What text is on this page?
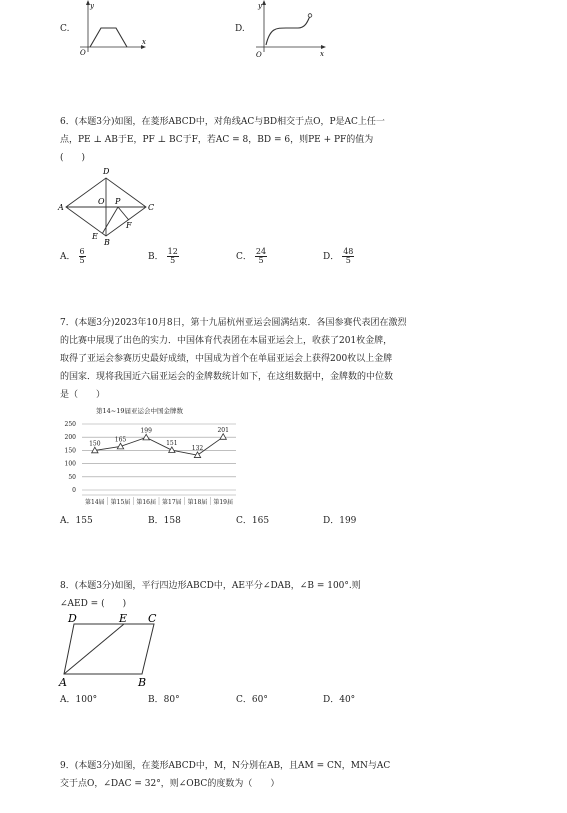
C.
y
x
O
D.
y
x
O
6．(本题3分)如图，在菱形ABCD中，对角线AC与BD相交于点O，P是AC上任一
点，PE ⊥ AB于E，PF ⊥ BC于F，若AC = 8，BD = 6，则PE + PF的值为
(　　)
D
A	C
B
O P
E
F
A． $\frac{6}{5}$	B． $\frac{12}{5}$	C． $\frac{24}{5}$	D． $\frac{48}{5}$
7．(本题3分)2023年10月8日，第十九届杭州亚运会圆满结束．各国参赛代表团在激烈
的比赛中展现了出色的实力．中国体育代表团在本届亚运会上，收获了201枚金牌，
取得了亚运会参赛历史最好成绩，中国成为首个在单届亚运会上获得200枚以上金牌
的国家．现将我国近六届亚运会的金牌数统计如下，在这组数据中，金牌数的中位数
是（　　）
第14~19届亚运会中国金牌数
0
50
100
150
200
250
150
165
199
151
132
201
第14届 第15届 第16届 第17届 第18届 第19届
A．155	B．158	C．165	D．199
8．(本题3分)如图，平行四边形ABCD中，AE平分∠DAB，∠B = 100°.则
∠AED = (　　)
D	E C
A	B
A．100°	B．80°	C．60°	D．40°
9．(本题3分)如图，在菱形ABCD中，M，N分别在AB，且AM = CN，MN与AC
交于点O，∠DAC = 32°，则∠OBC的度数为（　　）
